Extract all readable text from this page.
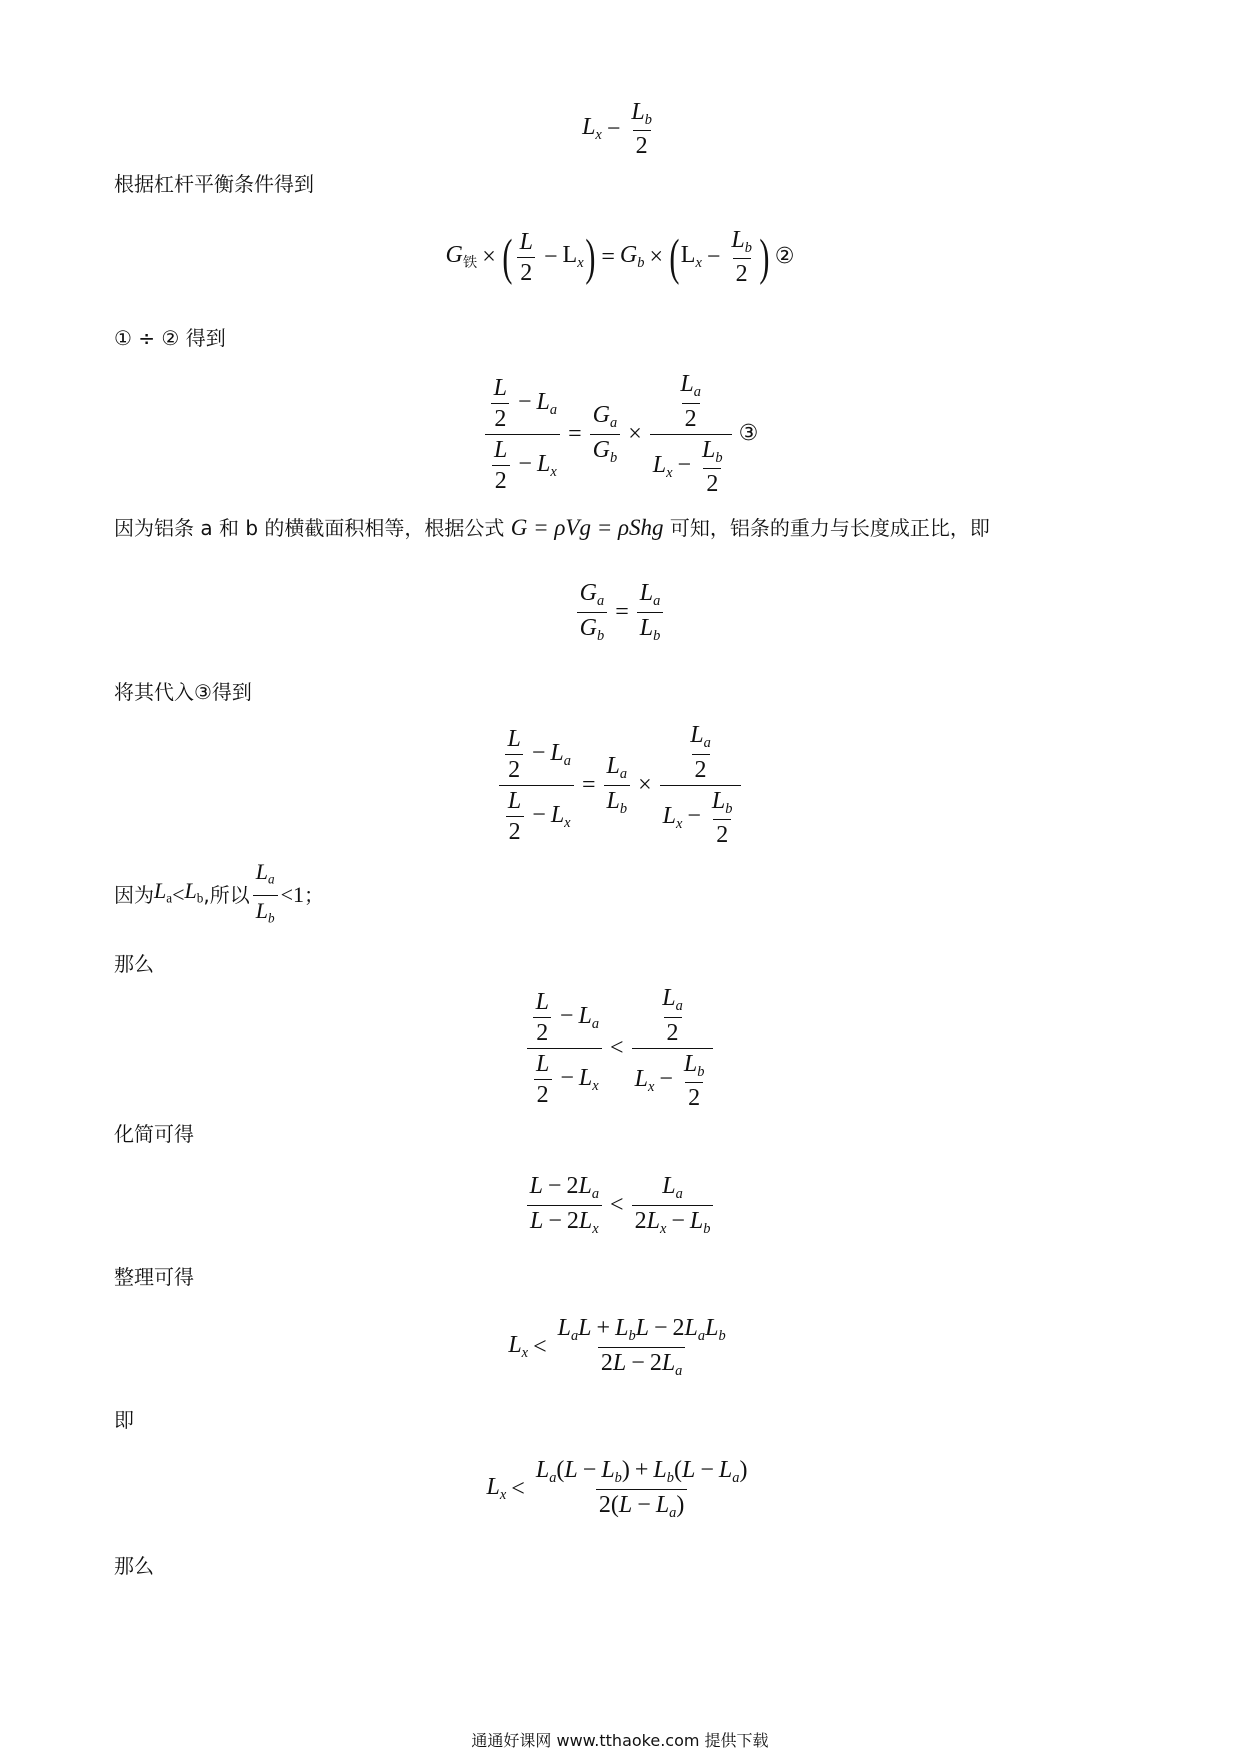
$L_x - \frac{L_b}{2}$
根据杠杆平衡条件得到
$G_铁$ × ( $\frac{L}{2} - L_x$ ) = $G_b$ × ( $L_x - \frac{L_b}{2}$ ) ②
① ÷ ② 得到
$\frac{\frac{L}{2} - L_a}{\frac{L}{2} - L_x} = \frac{G_a}{G_b} \times \frac{\frac{L_a}{2}}{L_x - \frac{L_b}{2}}$ ③
因为铝条 a 和 b 的横截面积相等，根据公式 G = ρVg = ρShg 可知，铝条的重力与长度成正比，即
$\frac{G_a}{G_b} = \frac{L_a}{L_b}$
将其代入③得到
$\frac{\frac{L}{2} - L_a}{\frac{L}{2} - L_x} = \frac{L_a}{L_b} \times \frac{\frac{L_a}{2}}{L_x - \frac{L_b}{2}}$
因为 $L_a < L_b$ ,所以 $\frac{L_a}{L_b} <1$ ；
那么
$\frac{\frac{L}{2} - L_a}{\frac{L}{2} - L_x} < \frac{\frac{L_a}{2}}{L_x - \frac{L_b}{2}}$
化简可得
$\frac{L - 2L_a}{L - 2L_x} < \frac{L_a}{2L_x - L_b}$
整理可得
$L_x < \frac{L_aL + L_bL - 2L_aL_b}{2L - 2L_a}$
即
$L_x < \frac{L_a(L - L_b) + L_b(L - L_a)}{2(L - L_a)}$
那么
通通好课网 www.tthaoke.com 提供下载
